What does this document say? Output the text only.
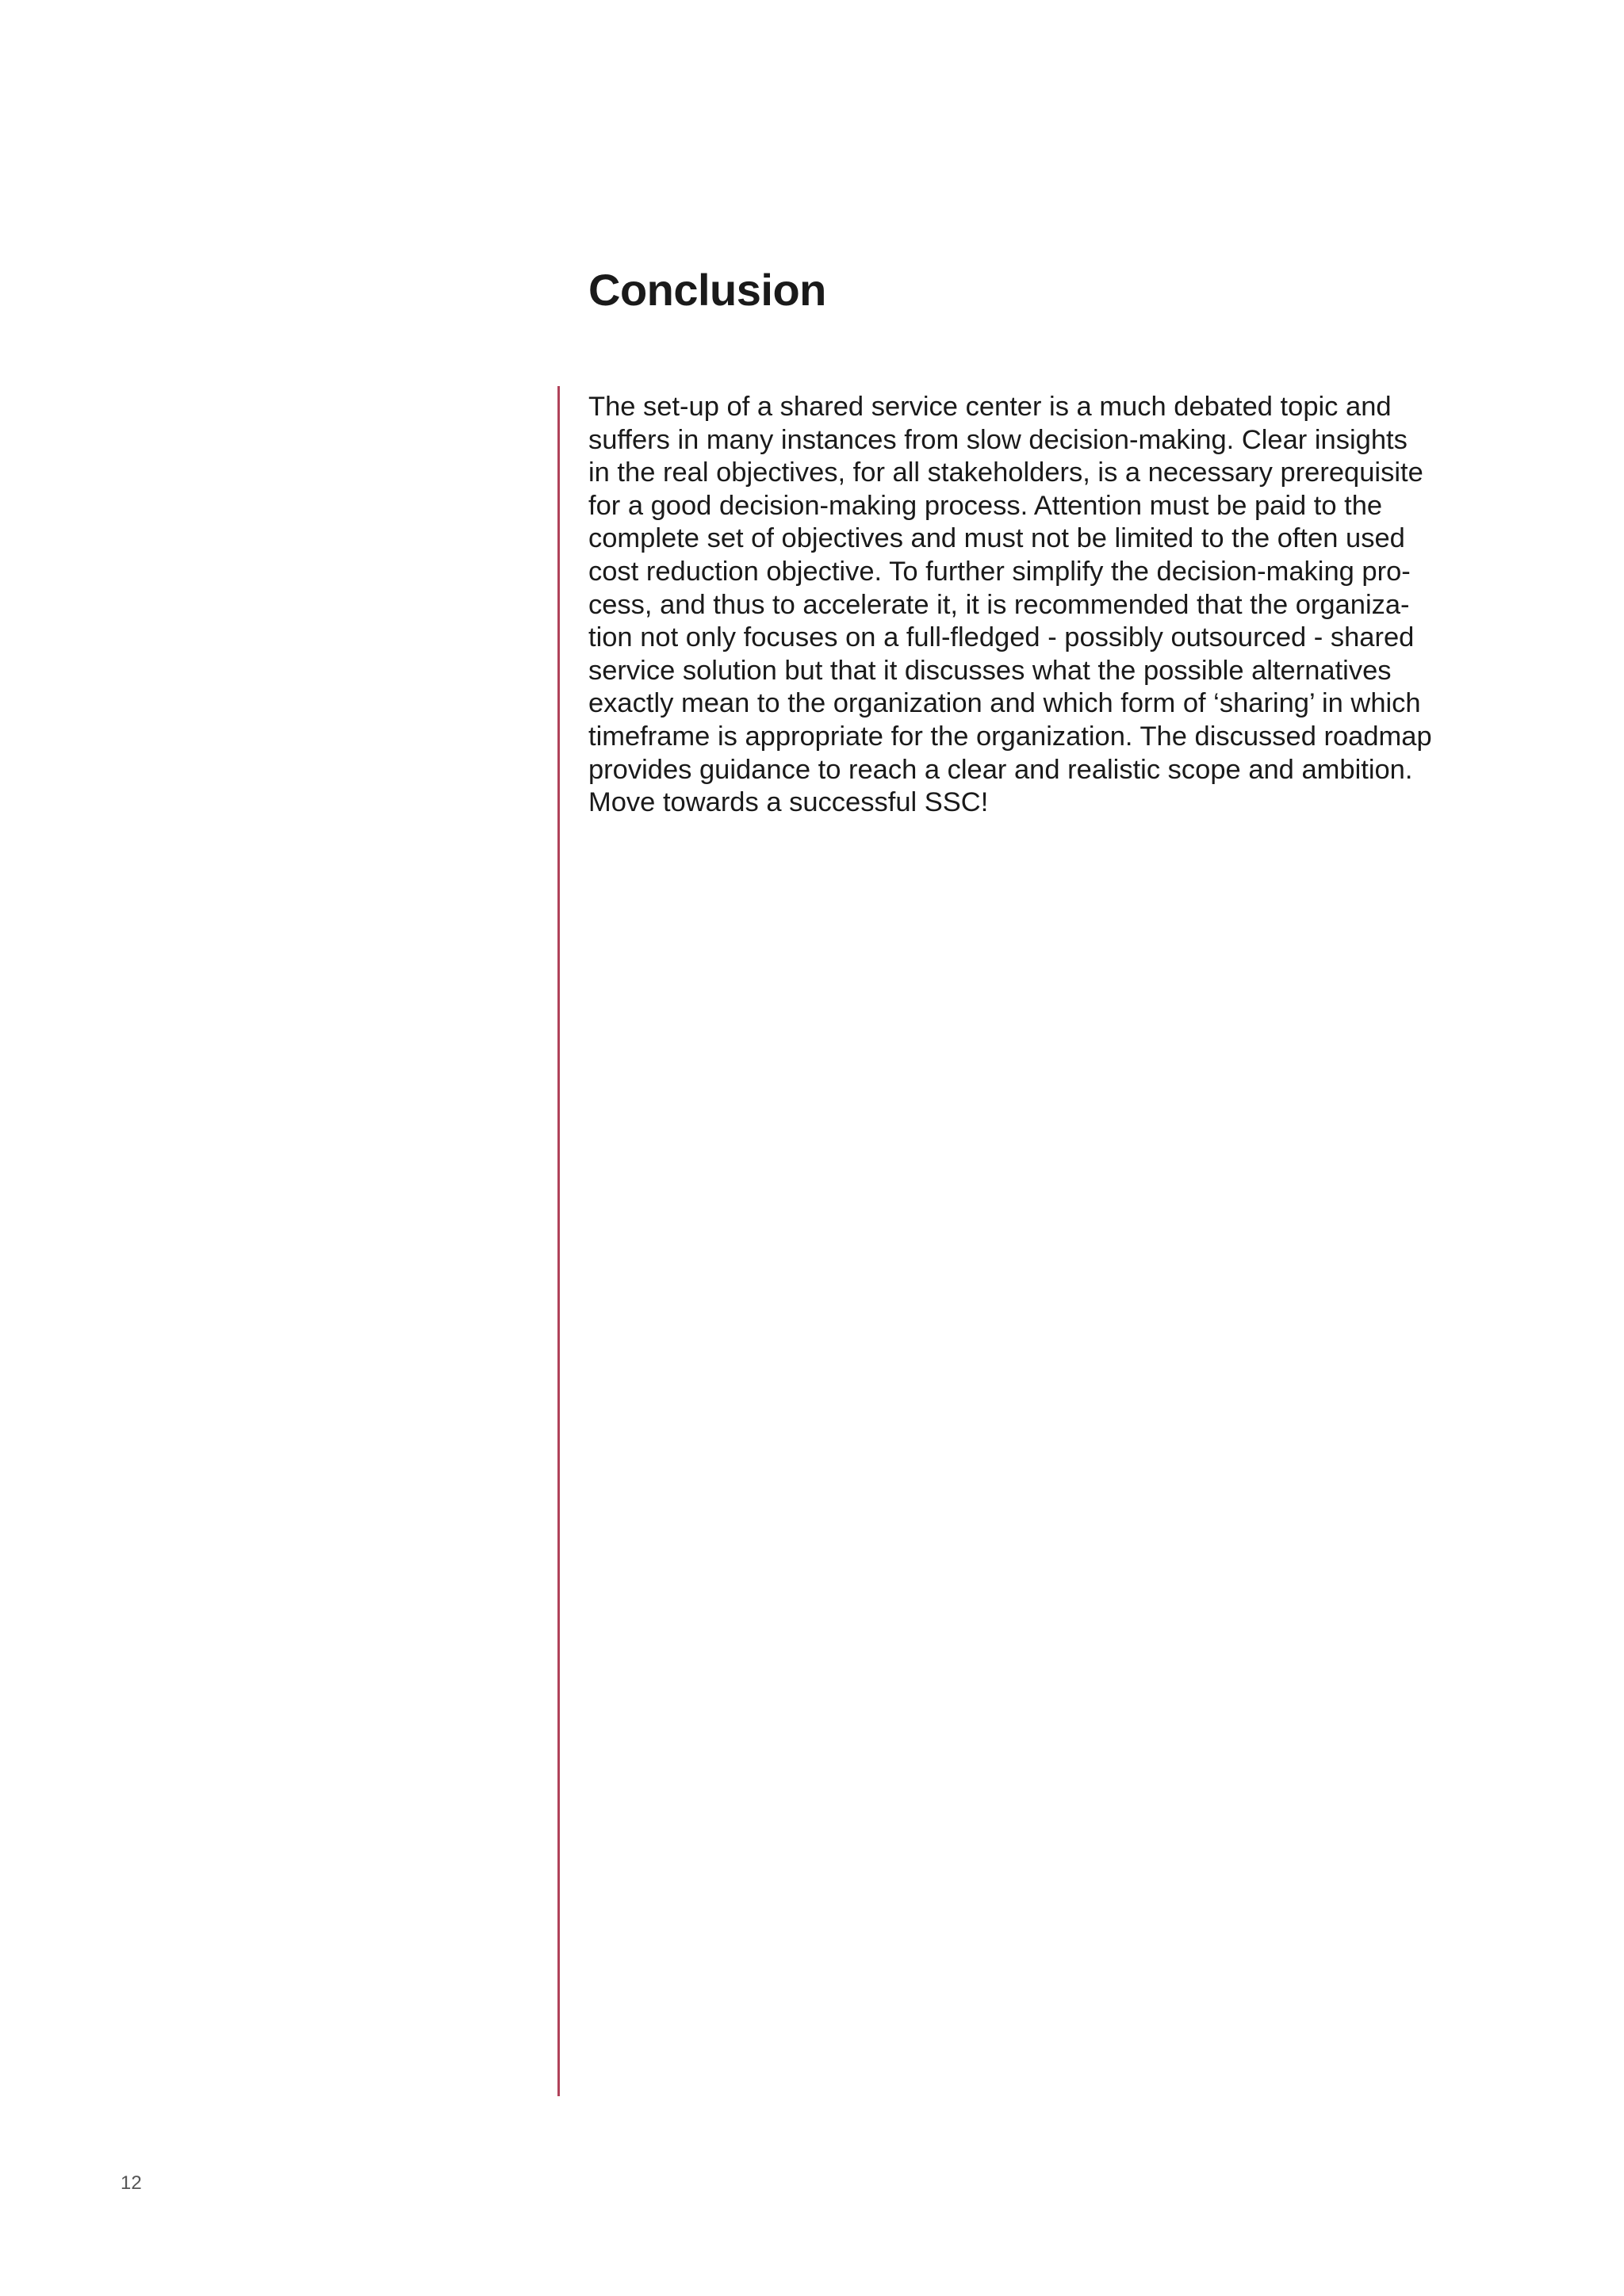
Conclusion

The set-up of a shared service center is a much debated topic and
suffers in many instances from slow decision-making. Clear insights
in the real objectives, for all stakeholders, is a necessary prerequisite
for a good decision-making process. Attention must be paid to the
complete set of objectives and must not be limited to the often used
cost reduction objective. To further simplify the decision-making pro-
cess, and thus to accelerate it, it is recommended that the organiza-
tion not only focuses on a full-fledged - possibly outsourced - shared
service solution but that it discusses what the possible alternatives
exactly mean to the organization and which form of ‘sharing’ in which
timeframe is appropriate for the organization. The discussed roadmap
provides guidance to reach a clear and realistic scope and ambition.
Move towards a successful SSC!

12
